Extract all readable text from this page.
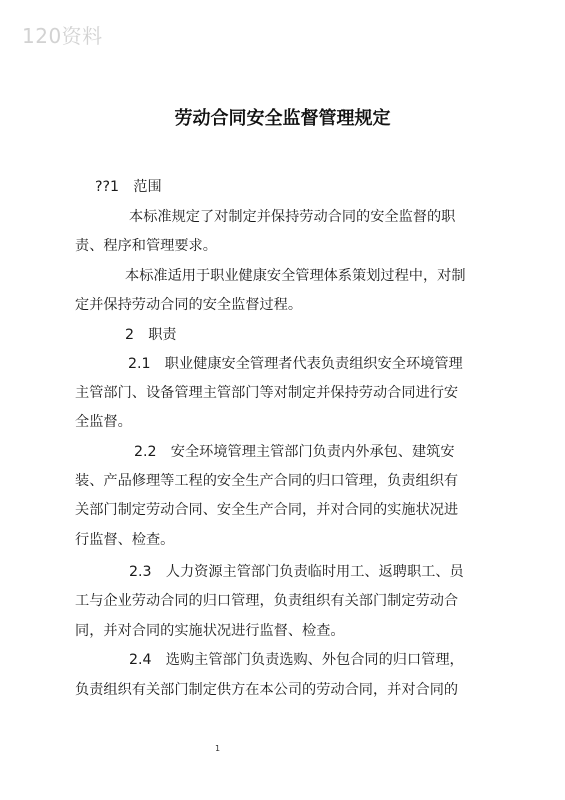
120资料
劳动合同安全监督管理规定
??1　范围
本标准规定了对制定并保持劳动合同的安全监督的职
责、程序和管理要求。
本标准适用于职业健康安全管理体系策划过程中，对制
定并保持劳动合同的安全监督过程。
2　职责
2.1　职业健康安全管理者代表负责组织安全环境管理
主管部门、设备管理主管部门等对制定并保持劳动合同进行安
全监督。
2.2　安全环境管理主管部门负责内外承包、建筑安
装、产品修理等工程的安全生产合同的归口管理，负责组织有
关部门制定劳动合同、安全生产合同，并对合同的实施状况进
行监督、检查。
2.3　人力资源主管部门负责临时用工、返聘职工、员
工与企业劳动合同的归口管理，负责组织有关部门制定劳动合
同，并对合同的实施状况进行监督、检查。
2.4　选购主管部门负责选购、外包合同的归口管理，
负责组织有关部门制定供方在本公司的劳动合同，并对合同的
1
